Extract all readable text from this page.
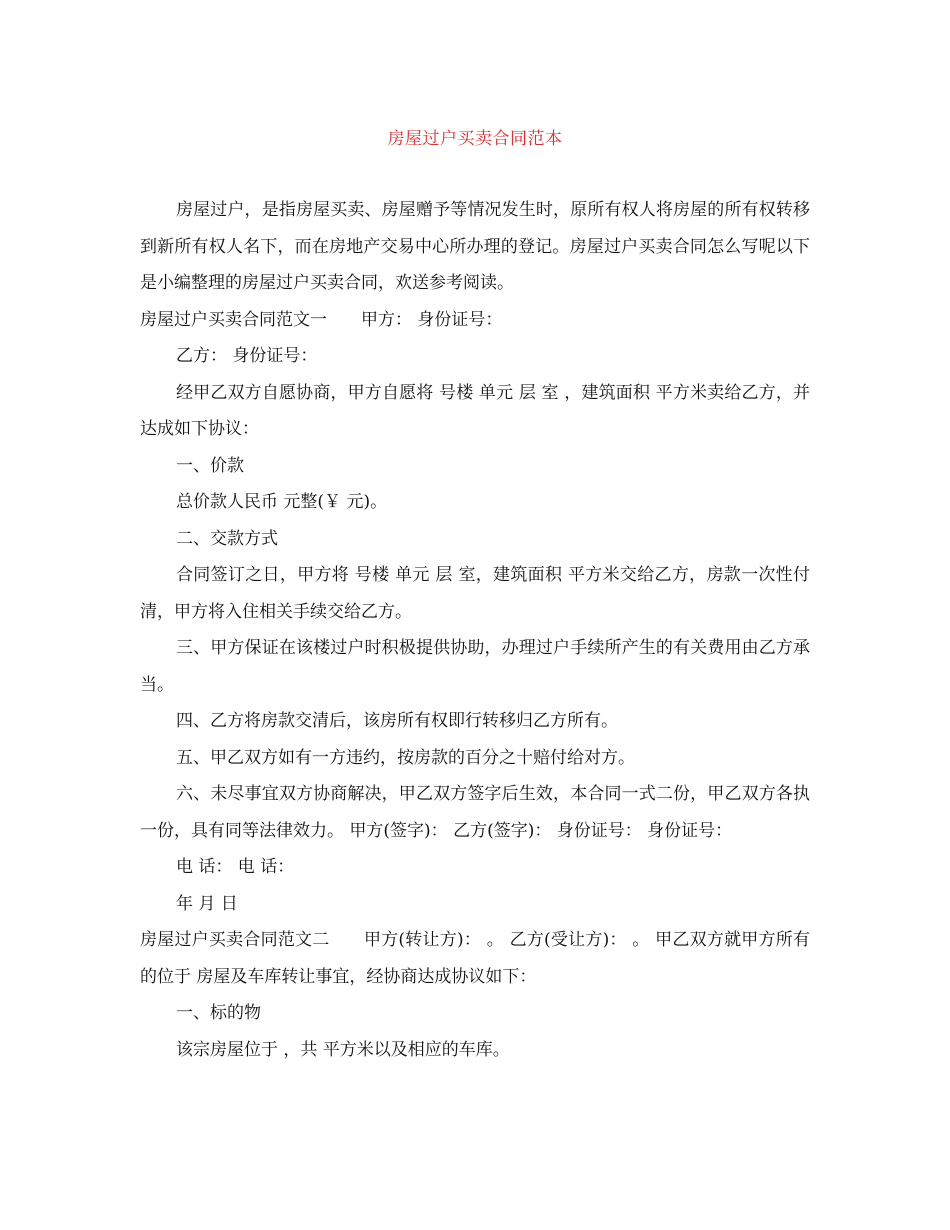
房屋过户买卖合同范本

房屋过户，是指房屋买卖、房屋赠予等情况发生时，原所有权人将房屋的所有权转移到新所有权人名下，而在房地产交易中心所办理的登记。房屋过户买卖合同怎么写呢以下是小编整理的房屋过户买卖合同，欢送参考阅读。

房屋过户买卖合同范文一　　甲方： 身份证号：

乙方： 身份证号：

经甲乙双方自愿协商，甲方自愿将 号楼 单元 层 室 ，建筑面积 平方米卖给乙方，并达成如下协议：

一、价款

总价款人民币 元整(￥ 元)。

二、交款方式

合同签订之日，甲方将 号楼 单元 层 室，建筑面积 平方米交给乙方，房款一次性付清，甲方将入住相关手续交给乙方。

三、甲方保证在该楼过户时积极提供协助，办理过户手续所产生的有关费用由乙方承当。

四、乙方将房款交清后，该房所有权即行转移归乙方所有。

五、甲乙双方如有一方违约，按房款的百分之十赔付给对方。

六、未尽事宜双方协商解决，甲乙双方签字后生效，本合同一式二份，甲乙双方各执一份，具有同等法律效力。 甲方(签字)： 乙方(签字)： 身份证号： 身份证号：

电 话： 电 话：

年 月 日

房屋过户买卖合同范文二　　甲方(转让方)： 。 乙方(受让方)： 。 甲乙双方就甲方所有的位于 房屋及车库转让事宜，经协商达成协议如下：

一、标的物

该宗房屋位于 ，共 平方米以及相应的车库。
